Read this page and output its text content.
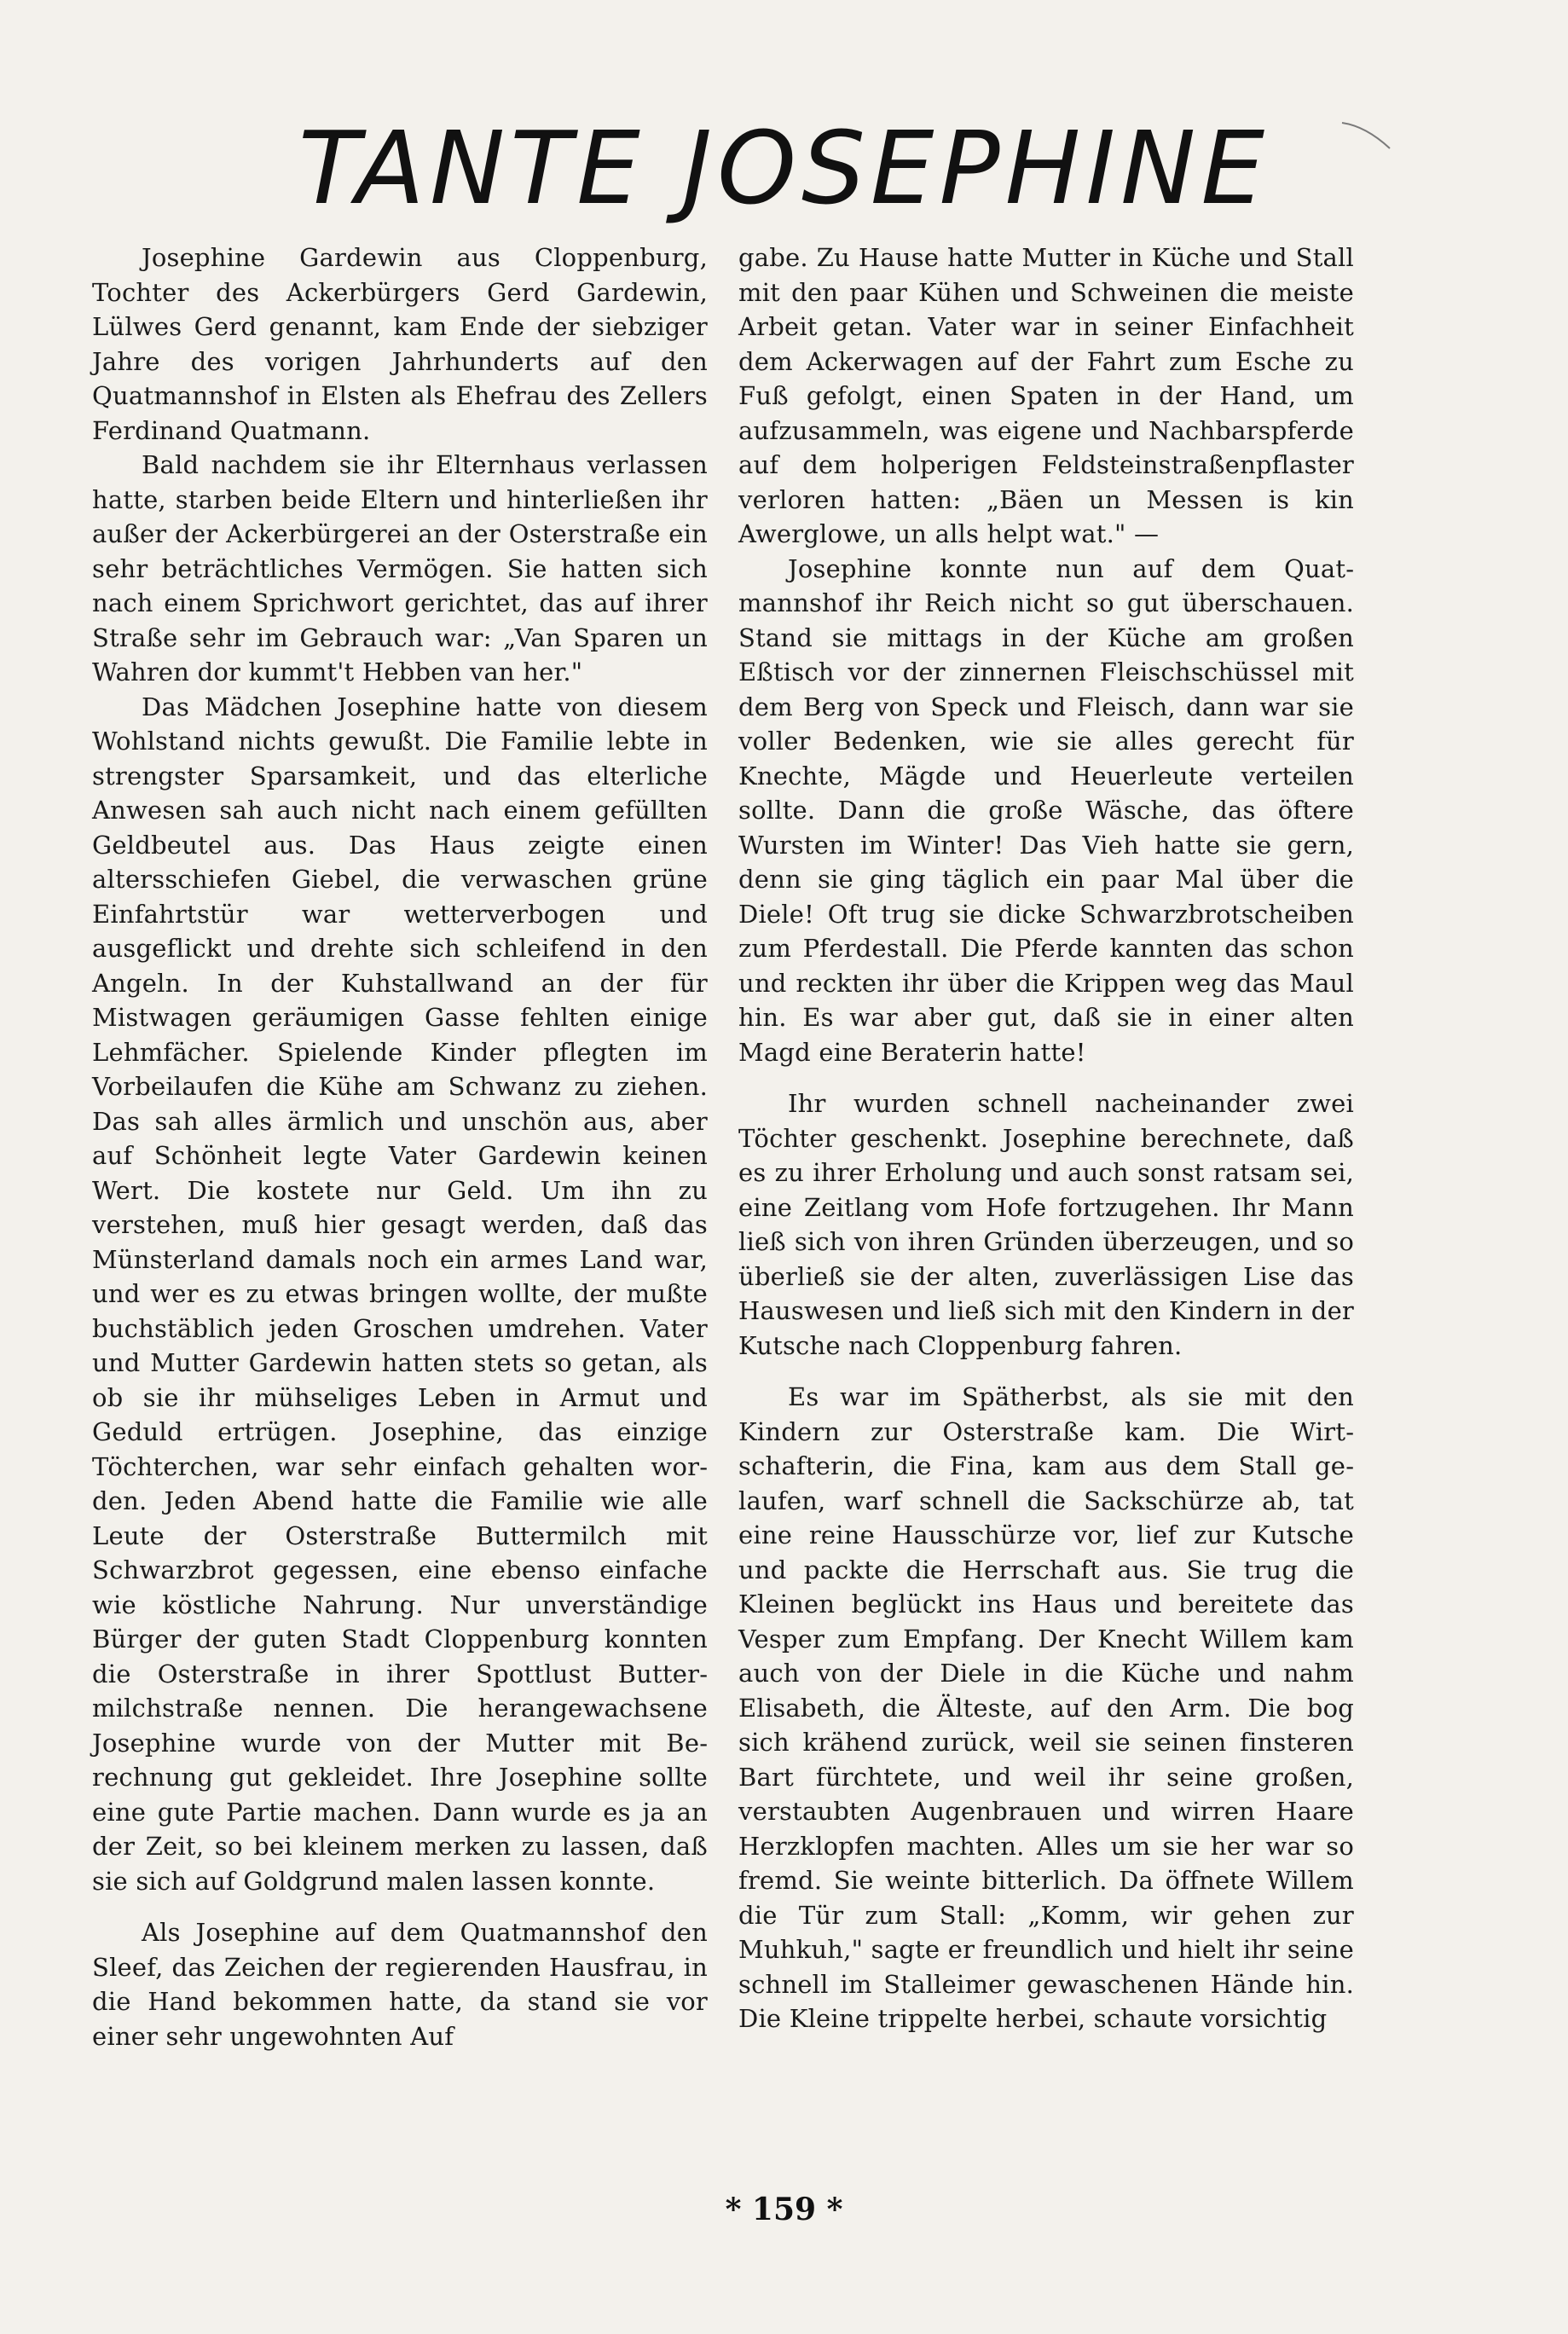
TANTE JOSEPHINE

Josephine Gardewin aus Cloppenburg, Tochter des Ackerbürgers Gerd Gardewin, Lülwes Gerd genannt, kam Ende der siebziger Jahre des vorigen Jahrhunderts auf den Quatmannshof in Elsten als Ehefrau des Zellers Ferdinand Quatmann.

Bald nachdem sie ihr Elternhaus verlassen hatte, starben beide Eltern und hinterließen ihr außer der Ackerbürgerei an der Osterstraße ein sehr beträchtliches Vermögen. Sie hatten sich nach einem Sprichwort gerichtet, das auf ihrer Straße sehr im Gebrauch war: „Van Sparen un Wahren dor kummt't Hebben van her."

Das Mädchen Josephine hatte von diesem Wohlstand nichts gewußt. Die Familie lebte in strengster Sparsamkeit, und das elterliche Anwesen sah auch nicht nach einem gefüllten Geldbeutel aus. Das Haus zeigte einen altersschiefen Giebel, die verwaschen grüne Einfahrtstür war wetterverbogen und ausgeflickt und drehte sich schleifend in den Angeln. In der Kuhstallwand an der für Mistwagen geräumigen Gasse fehlten einige Lehmfächer. Spielende Kinder pflegten im Vorbeilaufen die Kühe am Schwanz zu ziehen. Das sah alles ärmlich und unschön aus, aber auf Schönheit legte Vater Gardewin keinen Wert. Die kostete nur Geld. Um ihn zu verstehen, muß hier gesagt werden, daß das Münsterland damals noch ein armes Land war, und wer es zu etwas bringen wollte, der mußte buchstäblich jeden Groschen umdrehen. Vater und Mutter Gardewin hatten stets so getan, als ob sie ihr mühseliges Leben in Armut und Geduld ertrügen. Josephine, das einzige Töchterchen, war sehr einfach gehalten worden. Jeden Abend hatte die Familie wie alle Leute der Osterstraße Buttermilch mit Schwarzbrot gegessen, eine ebenso einfache wie köstliche Nahrung. Nur unverständige Bürger der guten Stadt Cloppenburg konnten die Osterstraße in ihrer Spottlust Buttermilchstraße nennen. Die herangewachsene Josephine wurde von der Mutter mit Berechnung gut gekleidet. Ihre Josephine sollte eine gute Partie machen. Dann wurde es ja an der Zeit, so bei kleinem merken zu lassen, daß sie sich auf Goldgrund malen lassen konnte.

Als Josephine auf dem Quatmannshof den Sleef, das Zeichen der regierenden Hausfrau, in die Hand bekommen hatte, da stand sie vor einer sehr ungewohnten Auf

gabe. Zu Hause hatte Mutter in Küche und Stall mit den paar Kühen und Schweinen die meiste Arbeit getan. Vater war in seiner Einfachheit dem Ackerwagen auf der Fahrt zum Esche zu Fuß gefolgt, einen Spaten in der Hand, um aufzusammeln, was eigene und Nachbarspferde auf dem holperigen Feldsteinstraßenpflaster verloren hatten: „Bäen un Messen is kin Awerglowe, un alls helpt wat." —

Josephine konnte nun auf dem Quatmannshof ihr Reich nicht so gut überschauen. Stand sie mittags in der Küche am großen Eßtisch vor der zinnernen Fleischschüssel mit dem Berg von Speck und Fleisch, dann war sie voller Bedenken, wie sie alles gerecht für Knechte, Mägde und Heuerleute verteilen sollte. Dann die große Wäsche, das öftere Wursten im Winter! Das Vieh hatte sie gern, denn sie ging täglich ein paar Mal über die Diele! Oft trug sie dicke Schwarzbrotscheiben zum Pferdestall. Die Pferde kannten das schon und reckten ihr über die Krippen weg das Maul hin. Es war aber gut, daß sie in einer alten Magd eine Beraterin hatte!

Ihr wurden schnell nacheinander zwei Töchter geschenkt. Josephine berechnete, daß es zu ihrer Erholung und auch sonst ratsam sei, eine Zeitlang vom Hofe fortzugehen. Ihr Mann ließ sich von ihren Gründen überzeugen, und so überließ sie der alten, zuverlässigen Lise das Hauswesen und ließ sich mit den Kindern in der Kutsche nach Cloppenburg fahren.

Es war im Spätherbst, als sie mit den Kindern zur Osterstraße kam. Die Wirtschafterin, die Fina, kam aus dem Stall gelaufen, warf schnell die Sackschürze ab, tat eine reine Hausschürze vor, lief zur Kutsche und packte die Herrschaft aus. Sie trug die Kleinen beglückt ins Haus und bereitete das Vesper zum Empfang. Der Knecht Willem kam auch von der Diele in die Küche und nahm Elisabeth, die Älteste, auf den Arm. Die bog sich krähend zurück, weil sie seinen finsteren Bart fürchtete, und weil ihr seine großen, verstaubten Augenbrauen und wirren Haare Herzklopfen machten. Alles um sie her war so fremd. Sie weinte bitterlich. Da öffnete Willem die Tür zum Stall: „Komm, wir gehen zur Muhkuh," sagte er freundlich und hielt ihr seine schnell im Stalleimer gewaschenen Hände hin. Die Kleine trippelte herbei, schaute vorsichtig

* 159 *
